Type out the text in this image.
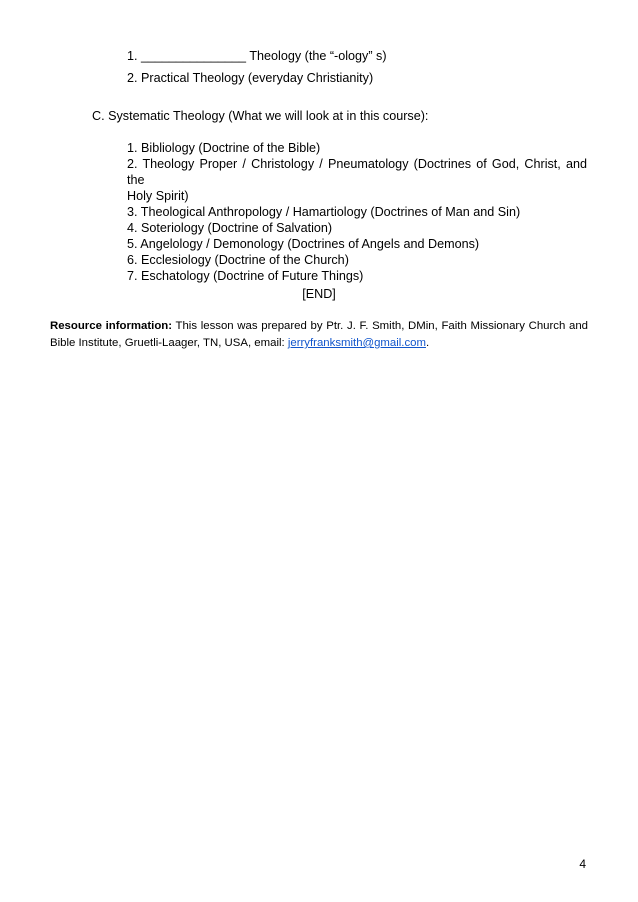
1. _______________ Theology (the “-ology” s)
2. Practical Theology (everyday Christianity)
C. Systematic Theology (What we will look at in this course):
1. Bibliology (Doctrine of the Bible)
2. Theology Proper / Christology / Pneumatology (Doctrines of God, Christ, and the
Holy Spirit)
3. Theological Anthropology / Hamartiology (Doctrines of Man and Sin)
4. Soteriology (Doctrine of Salvation)
5. Angelology / Demonology (Doctrines of Angels and Demons)
6. Ecclesiology (Doctrine of the Church)
7. Eschatology (Doctrine of Future Things)
[END]
Resource information: This lesson was prepared by Ptr. J. F. Smith, DMin, Faith Missionary Church and Bible Institute, Gruetli-Laager, TN, USA, email: jerryfranksmith@gmail.com.
4
